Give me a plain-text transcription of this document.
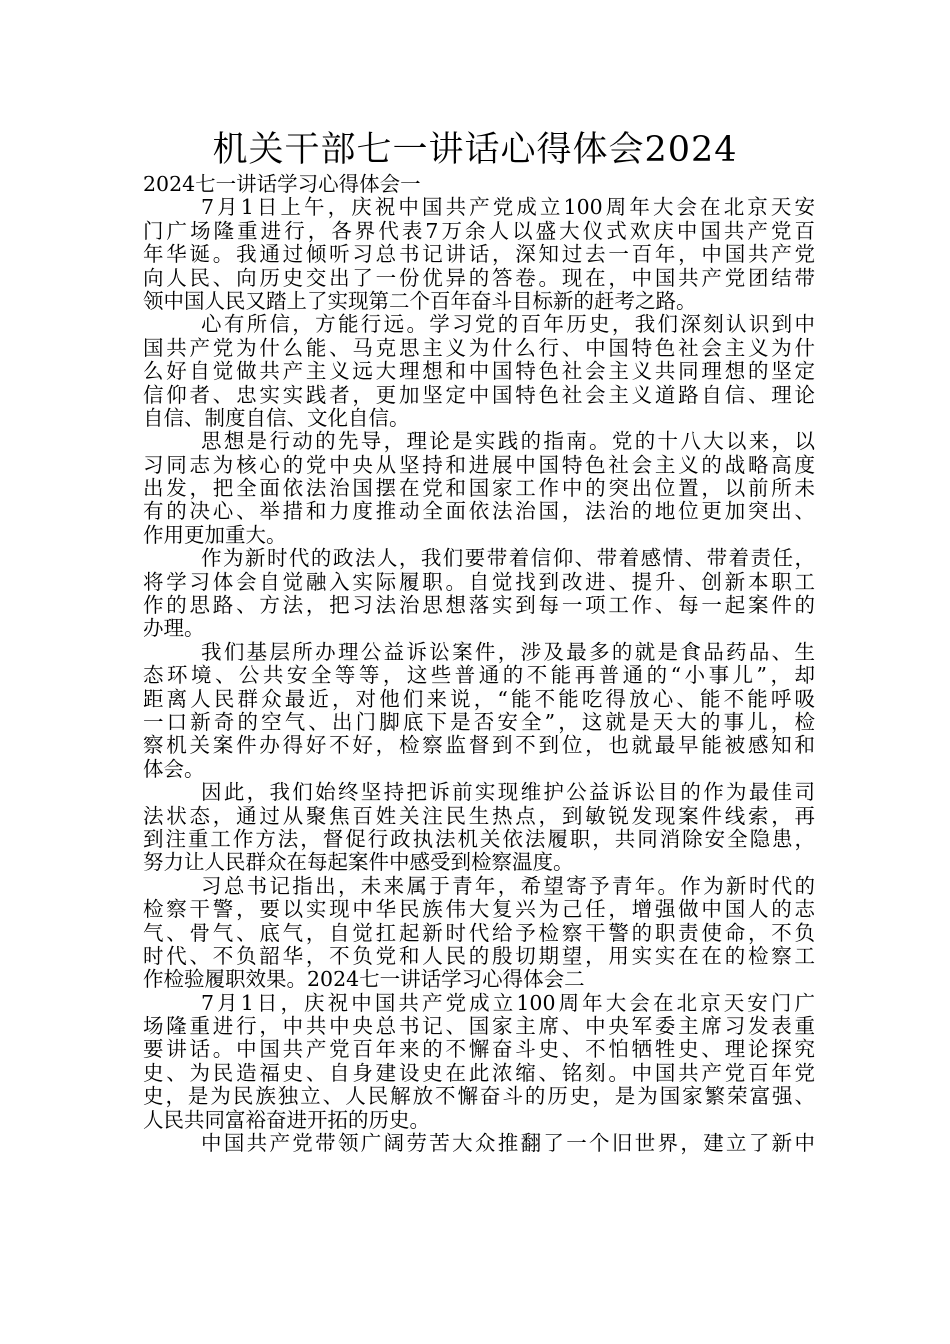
机关干部七一讲话心得体会2024
2024七一讲话学习心得体会一
7月1日上午，庆祝中国共产党成立100周年大会在北京天安
门广场隆重进行，各界代表7万余人以盛大仪式欢庆中国共产党百
年华诞。我通过倾听习总书记讲话，深知过去一百年，中国共产党
向人民、向历史交出了一份优异的答卷。现在，中国共产党团结带
领中国人民又踏上了实现第二个百年奋斗目标新的赶考之路。
心有所信，方能行远。学习党的百年历史，我们深刻认识到中
国共产党为什么能、马克思主义为什么行、中国特色社会主义为什
么好自觉做共产主义远大理想和中国特色社会主义共同理想的坚定
信仰者、忠实实践者，更加坚定中国特色社会主义道路自信、理论
自信、制度自信、文化自信。
思想是行动的先导，理论是实践的指南。党的十八大以来，以
习同志为核心的党中央从坚持和进展中国特色社会主义的战略高度
出发，把全面依法治国摆在党和国家工作中的突出位置，以前所未
有的决心、举措和力度推动全面依法治国，法治的地位更加突出、
作用更加重大。
作为新时代的政法人，我们要带着信仰、带着感情、带着责任，
将学习体会自觉融入实际履职。自觉找到改进、提升、创新本职工
作的思路、方法，把习法治思想落实到每一项工作、每一起案件的
办理。
我们基层所办理公益诉讼案件，涉及最多的就是食品药品、生
态环境、公共安全等等，这些普通的不能再普通的“小事儿”，却
距离人民群众最近，对他们来说，“能不能吃得放心、能不能呼吸
一口新奇的空气、出门脚底下是否安全”，这就是天大的事儿，检
察机关案件办得好不好，检察监督到不到位，也就最早能被感知和
体会。
因此，我们始终坚持把诉前实现维护公益诉讼目的作为最佳司
法状态，通过从聚焦百姓关注民生热点，到敏锐发现案件线索，再
到注重工作方法，督促行政执法机关依法履职，共同消除安全隐患，
努力让人民群众在每起案件中感受到检察温度。
习总书记指出，未来属于青年，希望寄予青年。作为新时代的
检察干警，要以实现中华民族伟大复兴为己任，增强做中国人的志
气、骨气、底气，自觉扛起新时代给予检察干警的职责使命，不负
时代、不负韶华，不负党和人民的殷切期望，用实实在在的检察工
作检验履职效果。2024七一讲话学习心得体会二
7月1日，庆祝中国共产党成立100周年大会在北京天安门广
场隆重进行，中共中央总书记、国家主席、中央军委主席习发表重
要讲话。中国共产党百年来的不懈奋斗史、不怕牺牲史、理论探究
史、为民造福史、自身建设史在此浓缩、铭刻。中国共产党百年党
史，是为民族独立、人民解放不懈奋斗的历史，是为国家繁荣富强、
人民共同富裕奋进开拓的历史。
中国共产党带领广阔劳苦大众推翻了一个旧世界，建立了新中
